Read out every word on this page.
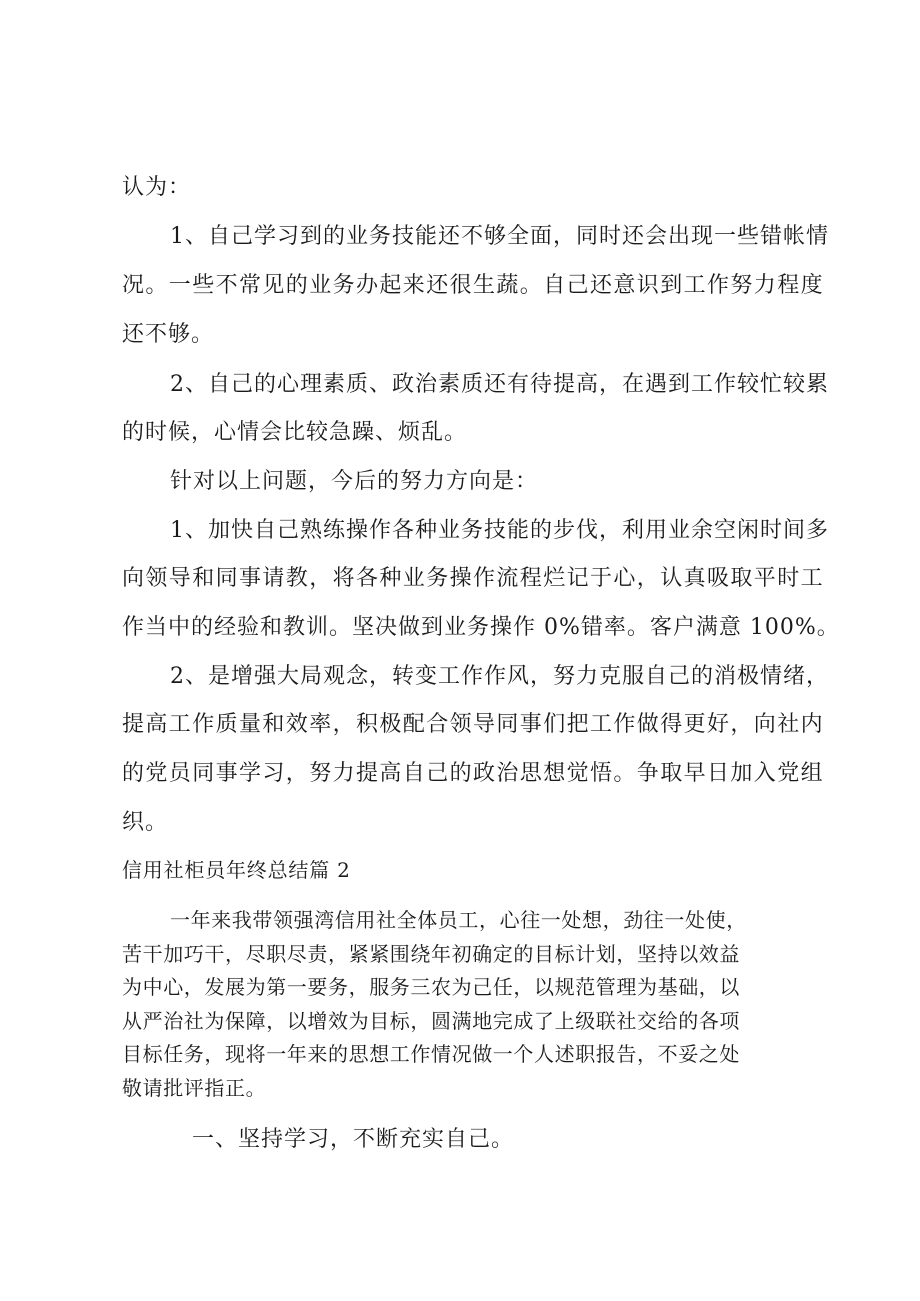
认为：
1、自己学习到的业务技能还不够全面，同时还会出现一些错帐情
况。一些不常见的业务办起来还很生蔬。自己还意识到工作努力程度
还不够。
2、自己的心理素质、政治素质还有待提高，在遇到工作较忙较累
的时候，心情会比较急躁、烦乱。
针对以上问题，今后的努力方向是：
1、加快自己熟练操作各种业务技能的步伐，利用业余空闲时间多
向领导和同事请教，将各种业务操作流程烂记于心，认真吸取平时工
作当中的经验和教训。坚决做到业务操作 0%错率。客户满意 100%。
2、是增强大局观念，转变工作作风，努力克服自己的消极情绪，
提高工作质量和效率，积极配合领导同事们把工作做得更好，向社内
的党员同事学习，努力提高自己的政治思想觉悟。争取早日加入党组
织。
信用社柜员年终总结篇 2
一年来我带领强湾信用社全体员工，心往一处想，劲往一处使，
苦干加巧干，尽职尽责，紧紧围绕年初确定的目标计划，坚持以效益
为中心，发展为第一要务，服务三农为己任，以规范管理为基础，以
从严治社为保障，以增效为目标，圆满地完成了上级联社交给的各项
目标任务，现将一年来的思想工作情况做一个人述职报告，不妥之处
敬请批评指正。
一、坚持学习，不断充实自己。
